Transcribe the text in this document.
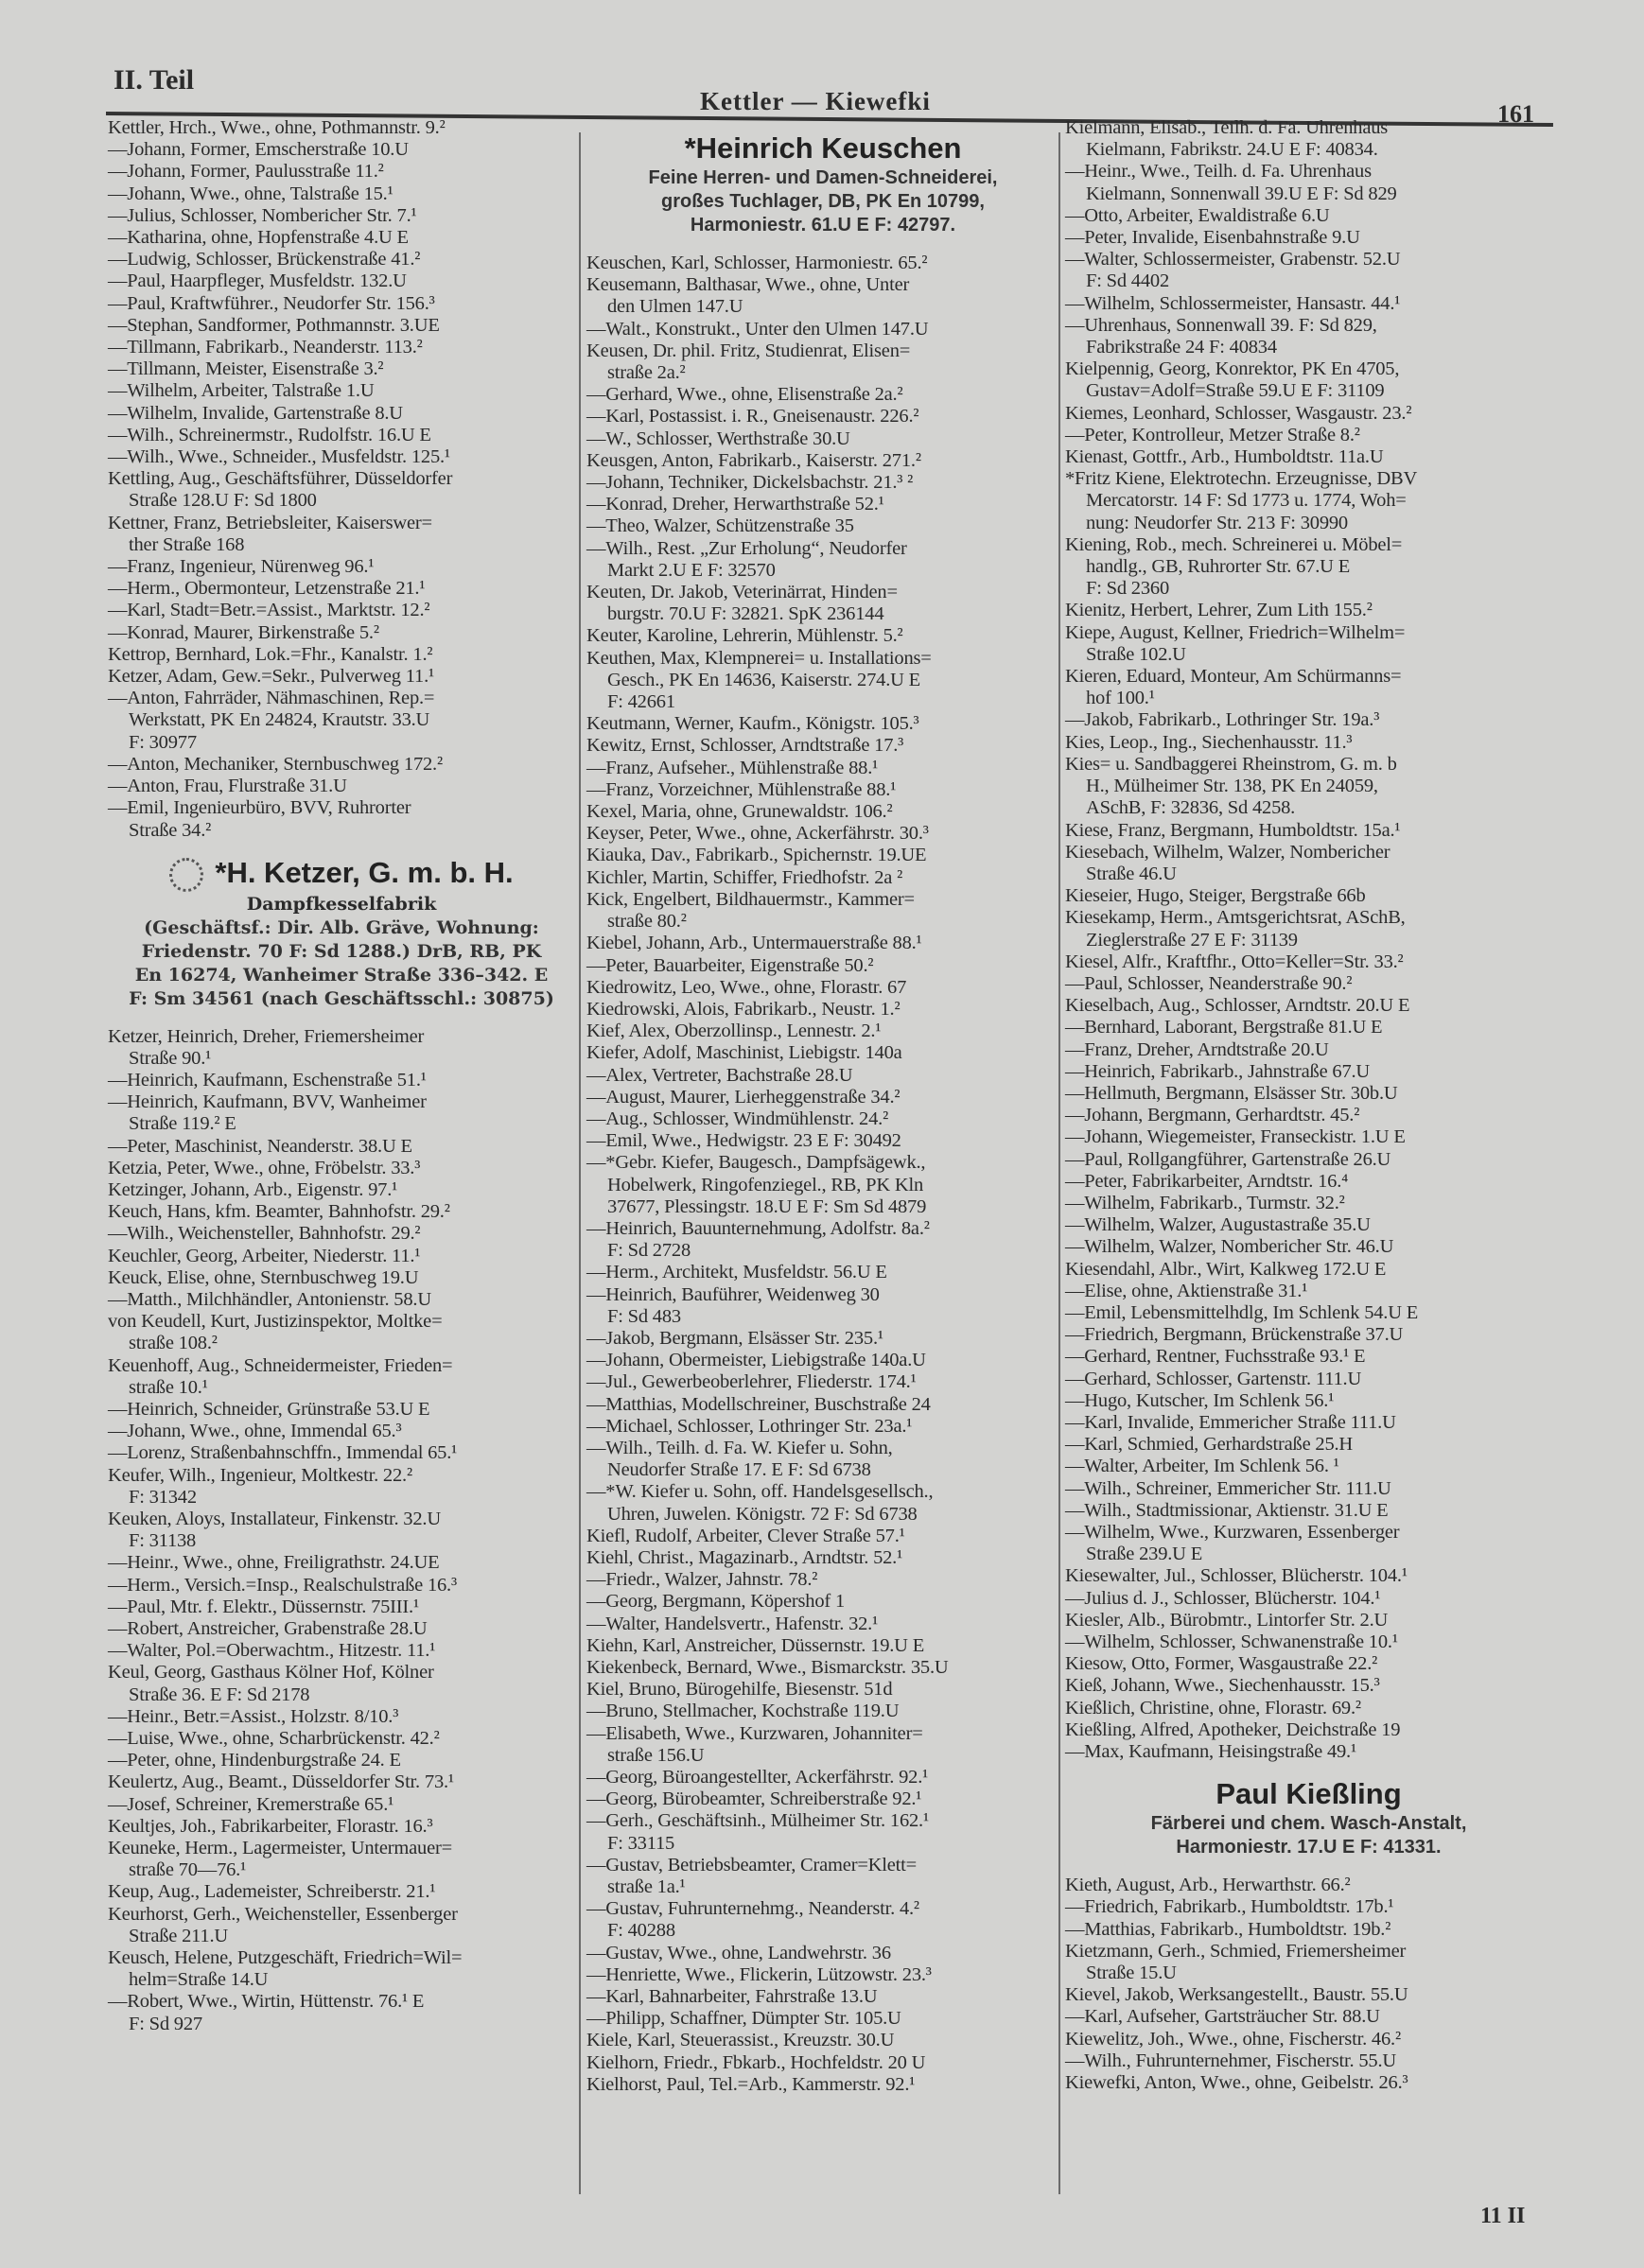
II. Teil
Kettler — Kiewefki	161
Kettler, Hrch., Wwe., ohne, Pothmannstr. 9.²
—Johann, Former, Emscherstraße 10.U
—Johann, Former, Paulusstraße 11.²
—Johann, Wwe., ohne, Talstraße 15.¹
—Julius, Schlosser, Nombericher Str. 7.¹
—Katharina, ohne, Hopfenstraße 4.U E
—Ludwig, Schlosser, Brückenstraße 41.²
—Paul, Haarpfleger, Musfeldstr. 132.U
—Paul, Kraftwführer., Neudorfer Str. 156.³
—Stephan, Sandformer, Pothmannstr. 3.UE
—Tillmann, Fabrikarb., Neanderstr. 113.²
—Tillmann, Meister, Eisenstraße 3.²
—Wilhelm, Arbeiter, Talstraße 1.U
—Wilhelm, Invalide, Gartenstraße 8.U
—Wilh., Schreinermstr., Rudolfstr. 16.U E
—Wilh., Wwe., Schneider., Musfeldstr. 125.¹
Kettling, Aug., Geschäftsführer, Düsseldorfer
Straße 128.U F: Sd 1800
Kettner, Franz, Betriebsleiter, Kaiserswer=
ther Straße 168
—Franz, Ingenieur, Nürenweg 96.¹
—Herm., Obermonteur, Letzenstraße 21.¹
—Karl, Stadt=Betr.=Assist., Marktstr. 12.²
—Konrad, Maurer, Birkenstraße 5.²
Kettrop, Bernhard, Lok.=Fhr., Kanalstr. 1.²
Ketzer, Adam, Gew.=Sekr., Pulverweg 11.¹
—Anton, Fahrräder, Nähmaschinen, Rep.=
Werkstatt, PK En 24824, Krautstr. 33.U
F: 30977
—Anton, Mechaniker, Sternbuschweg 172.²
—Anton, Frau, Flurstraße 31.U
—Emil, Ingenieurbüro, BVV, Ruhrorter
Straße 34.²
*H. Ketzer, G. m. b. H.
Dampfkesselfabrik
(Geschäftsf.: Dir. Alb. Gräve, Wohnung:
Friedenstr. 70 F: Sd 1288.) DrB, RB, PK
En 16274, Wanheimer Straße 336–342. E
F: Sm 34561 (nach Geschäftsschl.: 30875)
Ketzer, Heinrich, Dreher, Friemersheimer
Straße 90.¹
—Heinrich, Kaufmann, Eschenstraße 51.¹
—Heinrich, Kaufmann, BVV, Wanheimer
Straße 119.² E
—Peter, Maschinist, Neanderstr. 38.U E
Ketzia, Peter, Wwe., ohne, Fröbelstr. 33.³
Ketzinger, Johann, Arb., Eigenstr. 97.¹
Keuch, Hans, kfm. Beamter, Bahnhofstr. 29.²
—Wilh., Weichensteller, Bahnhofstr. 29.²
Keuchler, Georg, Arbeiter, Niederstr. 11.¹
Keuck, Elise, ohne, Sternbuschweg 19.U
—Matth., Milchhändler, Antonienstr. 58.U
von Keudell, Kurt, Justizinspektor, Moltke=
straße 108.²
Keuenhoff, Aug., Schneidermeister, Frieden=
straße 10.¹
—Heinrich, Schneider, Grünstraße 53.U E
—Johann, Wwe., ohne, Immendal 65.³
—Lorenz, Straßenbahnschffn., Immendal 65.¹
Keufer, Wilh., Ingenieur, Moltkestr. 22.²
F: 31342
Keuken, Aloys, Installateur, Finkenstr. 32.U
F: 31138
—Heinr., Wwe., ohne, Freiligrathstr. 24.UE
—Herm., Versich.=Insp., Realschulstraße 16.³
—Paul, Mtr. f. Elektr., Düssernstr. 75III.¹
—Robert, Anstreicher, Grabenstraße 28.U
—Walter, Pol.=Oberwachtm., Hitzestr. 11.¹
Keul, Georg, Gasthaus Kölner Hof, Kölner
Straße 36. E F: Sd 2178
—Heinr., Betr.=Assist., Holzstr. 8/10.³
—Luise, Wwe., ohne, Scharbrückenstr. 42.²
—Peter, ohne, Hindenburgstraße 24. E
Keulertz, Aug., Beamt., Düsseldorfer Str. 73.¹
—Josef, Schreiner, Kremerstraße 65.¹
Keultjes, Joh., Fabrikarbeiter, Florastr. 16.³
Keuneke, Herm., Lagermeister, Untermauer=
straße 70—76.¹
Keup, Aug., Lademeister, Schreiberstr. 21.¹
Keurhorst, Gerh., Weichensteller, Essenberger
Straße 211.U
Keusch, Helene, Putzgeschäft, Friedrich=Wil=
helm=Straße 14.U
—Robert, Wwe., Wirtin, Hüttenstr. 76.¹ E
F: Sd 927
*Heinrich Keuschen
Feine Herren- und Damen-Schneiderei,
großes Tuchlager, DB, PK En 10799,
Harmoniestr. 61.U E F: 42797.
Keuschen, Karl, Schlosser, Harmoniestr. 65.²
Keusemann, Balthasar, Wwe., ohne, Unter
den Ulmen 147.U
—Walt., Konstrukt., Unter den Ulmen 147.U
Keusen, Dr. phil. Fritz, Studienrat, Elisen=
straße 2a.²
—Gerhard, Wwe., ohne, Elisenstraße 2a.²
—Karl, Postassist. i. R., Gneisenaustr. 226.²
—W., Schlosser, Werthstraße 30.U
Keusgen, Anton, Fabrikarb., Kaiserstr. 271.²
—Johann, Techniker, Dickelsbachstr. 21.³ ²
—Konrad, Dreher, Herwarthstraße 52.¹
—Theo, Walzer, Schützenstraße 35
—Wilh., Rest. „Zur Erholung“, Neudorfer
Markt 2.U E F: 32570
Keuten, Dr. Jakob, Veterinärrat, Hinden=
burgstr. 70.U F: 32821. SpK 236144
Keuter, Karoline, Lehrerin, Mühlenstr. 5.²
Keuthen, Max, Klempnerei= u. Installations=
Gesch., PK En 14636, Kaiserstr. 274.U E
F: 42661
Keutmann, Werner, Kaufm., Königstr. 105.³
Kewitz, Ernst, Schlosser, Arndtstraße 17.³
—Franz, Aufseher., Mühlenstraße 88.¹
—Franz, Vorzeichner, Mühlenstraße 88.¹
Kexel, Maria, ohne, Grunewaldstr. 106.²
Keyser, Peter, Wwe., ohne, Ackerfährstr. 30.³
Kiauka, Dav., Fabrikarb., Spichernstr. 19.UE
Kichler, Martin, Schiffer, Friedhofstr. 2a ²
Kick, Engelbert, Bildhauermstr., Kammer=
straße 80.²
Kiebel, Johann, Arb., Untermauerstraße 88.¹
—Peter, Bauarbeiter, Eigenstraße 50.²
Kiedrowitz, Leo, Wwe., ohne, Florastr. 67
Kiedrowski, Alois, Fabrikarb., Neustr. 1.²
Kief, Alex, Oberzollinsp., Lennestr. 2.¹
Kiefer, Adolf, Maschinist, Liebigstr. 140a
—Alex, Vertreter, Bachstraße 28.U
—August, Maurer, Lierheggenstraße 34.²
—Aug., Schlosser, Windmühlenstr. 24.²
—Emil, Wwe., Hedwigstr. 23 E F: 30492
—*Gebr. Kiefer, Baugesch., Dampfsägewk.,
Hobelwerk, Ringofenziegel., RB, PK Kln
37677, Plessingstr. 18.U E F: Sm Sd 4879
—Heinrich, Bauunternehmung, Adolfstr. 8a.²
F: Sd 2728
—Herm., Architekt, Musfeldstr. 56.U E
—Heinrich, Bauführer, Weidenweg 30
F: Sd 483
—Jakob, Bergmann, Elsässer Str. 235.¹
—Johann, Obermeister, Liebigstraße 140a.U
—Jul., Gewerbeoberlehrer, Fliederstr. 174.¹
—Matthias, Modellschreiner, Buschstraße 24
—Michael, Schlosser, Lothringer Str. 23a.¹
—Wilh., Teilh. d. Fa. W. Kiefer u. Sohn,
Neudorfer Straße 17. E F: Sd 6738
—*W. Kiefer u. Sohn, off. Handelsgesellsch.,
Uhren, Juwelen. Königstr. 72 F: Sd 6738
Kiefl, Rudolf, Arbeiter, Clever Straße 57.¹
Kiehl, Christ., Magazinarb., Arndtstr. 52.¹
—Friedr., Walzer, Jahnstr. 78.²
—Georg, Bergmann, Köpershof 1
—Walter, Handelsvertr., Hafenstr. 32.¹
Kiehn, Karl, Anstreicher, Düssernstr. 19.U E
Kiekenbeck, Bernard, Wwe., Bismarckstr. 35.U
Kiel, Bruno, Bürogehilfe, Biesenstr. 51d
—Bruno, Stellmacher, Kochstraße 119.U
—Elisabeth, Wwe., Kurzwaren, Johanniter=
straße 156.U
—Georg, Büroangestellter, Ackerfährstr. 92.¹
—Georg, Bürobeamter, Schreiberstraße 92.¹
—Gerh., Geschäftsinh., Mülheimer Str. 162.¹
F: 33115
—Gustav, Betriebsbeamter, Cramer=Klett=
straße 1a.¹
—Gustav, Fuhrunternehmg., Neanderstr. 4.²
F: 40288
—Gustav, Wwe., ohne, Landwehrstr. 36
—Henriette, Wwe., Flickerin, Lützowstr. 23.³
—Karl, Bahnarbeiter, Fahrstraße 13.U
—Philipp, Schaffner, Dümpter Str. 105.U
Kiele, Karl, Steuerassist., Kreuzstr. 30.U
Kielhorn, Friedr., Fbkarb., Hochfeldstr. 20 U
Kielhorst, Paul, Tel.=Arb., Kammerstr. 92.¹
Kielmann, Elisab., Teilh. d. Fa. Uhrenhaus
Kielmann, Fabrikstr. 24.U E F: 40834.
—Heinr., Wwe., Teilh. d. Fa. Uhrenhaus
Kielmann, Sonnenwall 39.U E F: Sd 829
—Otto, Arbeiter, Ewaldistraße 6.U
—Peter, Invalide, Eisenbahnstraße 9.U
—Walter, Schlossermeister, Grabenstr. 52.U
F: Sd 4402
—Wilhelm, Schlossermeister, Hansastr. 44.¹
—Uhrenhaus, Sonnenwall 39. F: Sd 829,
Fabrikstraße 24 F: 40834
Kielpennig, Georg, Konrektor, PK En 4705,
Gustav=Adolf=Straße 59.U E F: 31109
Kiemes, Leonhard, Schlosser, Wasgaustr. 23.²
—Peter, Kontrolleur, Metzer Straße 8.²
Kienast, Gottfr., Arb., Humboldtstr. 11a.U
*Fritz Kiene, Elektrotechn. Erzeugnisse, DBV
Mercatorstr. 14 F: Sd 1773 u. 1774, Woh=
nung: Neudorfer Str. 213 F: 30990
Kiening, Rob., mech. Schreinerei u. Möbel=
handlg., GB, Ruhrorter Str. 67.U E
F: Sd 2360
Kienitz, Herbert, Lehrer, Zum Lith 155.²
Kiepe, August, Kellner, Friedrich=Wilhelm=
Straße 102.U
Kieren, Eduard, Monteur, Am Schürmanns=
hof 100.¹
—Jakob, Fabrikarb., Lothringer Str. 19a.³
Kies, Leop., Ing., Siechenhausstr. 11.³
Kies= u. Sandbaggerei Rheinstrom, G. m. b
H., Mülheimer Str. 138, PK En 24059,
ASchB, F: 32836, Sd 4258.
Kiese, Franz, Bergmann, Humboldtstr. 15a.¹
Kiesebach, Wilhelm, Walzer, Nombericher
Straße 46.U
Kieseier, Hugo, Steiger, Bergstraße 66b
Kiesekamp, Herm., Amtsgerichtsrat, ASchB,
Zieglerstraße 27 E F: 31139
Kiesel, Alfr., Kraftfhr., Otto=Keller=Str. 33.²
—Paul, Schlosser, Neanderstraße 90.²
Kieselbach, Aug., Schlosser, Arndtstr. 20.U E
—Bernhard, Laborant, Bergstraße 81.U E
—Franz, Dreher, Arndtstraße 20.U
—Heinrich, Fabrikarb., Jahnstraße 67.U
—Hellmuth, Bergmann, Elsässer Str. 30b.U
—Johann, Bergmann, Gerhardtstr. 45.²
—Johann, Wiegemeister, Franseckistr. 1.U E
—Paul, Rollgangführer, Gartenstraße 26.U
—Peter, Fabrikarbeiter, Arndtstr. 16.⁴
—Wilhelm, Fabrikarb., Turmstr. 32.²
—Wilhelm, Walzer, Augustastraße 35.U
—Wilhelm, Walzer, Nombericher Str. 46.U
Kiesendahl, Albr., Wirt, Kalkweg 172.U E
—Elise, ohne, Aktienstraße 31.¹
—Emil, Lebensmittelhdlg, Im Schlenk 54.U E
—Friedrich, Bergmann, Brückenstraße 37.U
—Gerhard, Rentner, Fuchsstraße 93.¹ E
—Gerhard, Schlosser, Gartenstr. 111.U
—Hugo, Kutscher, Im Schlenk 56.¹
—Karl, Invalide, Emmericher Straße 111.U
—Karl, Schmied, Gerhardstraße 25.H
—Walter, Arbeiter, Im Schlenk 56. ¹
—Wilh., Schreiner, Emmericher Str. 111.U
—Wilh., Stadtmissionar, Aktienstr. 31.U E
—Wilhelm, Wwe., Kurzwaren, Essenberger
Straße 239.U E
Kiesewalter, Jul., Schlosser, Blücherstr. 104.¹
—Julius d. J., Schlosser, Blücherstr. 104.¹
Kiesler, Alb., Bürobmtr., Lintorfer Str. 2.U
—Wilhelm, Schlosser, Schwanenstraße 10.¹
Kiesow, Otto, Former, Wasgaustraße 22.²
Kieß, Johann, Wwe., Siechenhausstr. 15.³
Kießlich, Christine, ohne, Florastr. 69.²
Kießling, Alfred, Apotheker, Deichstraße 19
—Max, Kaufmann, Heisingstraße 49.¹
Paul Kießling
Färberei und chem. Wasch-Anstalt,
Harmoniestr. 17.U E F: 41331.
Kieth, August, Arb., Herwarthstr. 66.²
—Friedrich, Fabrikarb., Humboldtstr. 17b.¹
—Matthias, Fabrikarb., Humboldtstr. 19b.²
Kietzmann, Gerh., Schmied, Friemersheimer
Straße 15.U
Kievel, Jakob, Werksangestellt., Baustr. 55.U
—Karl, Aufseher, Gartsträucher Str. 88.U
Kiewelitz, Joh., Wwe., ohne, Fischerstr. 46.²
—Wilh., Fuhrunternehmer, Fischerstr. 55.U
Kiewefki, Anton, Wwe., ohne, Geibelstr. 26.³
11 II
